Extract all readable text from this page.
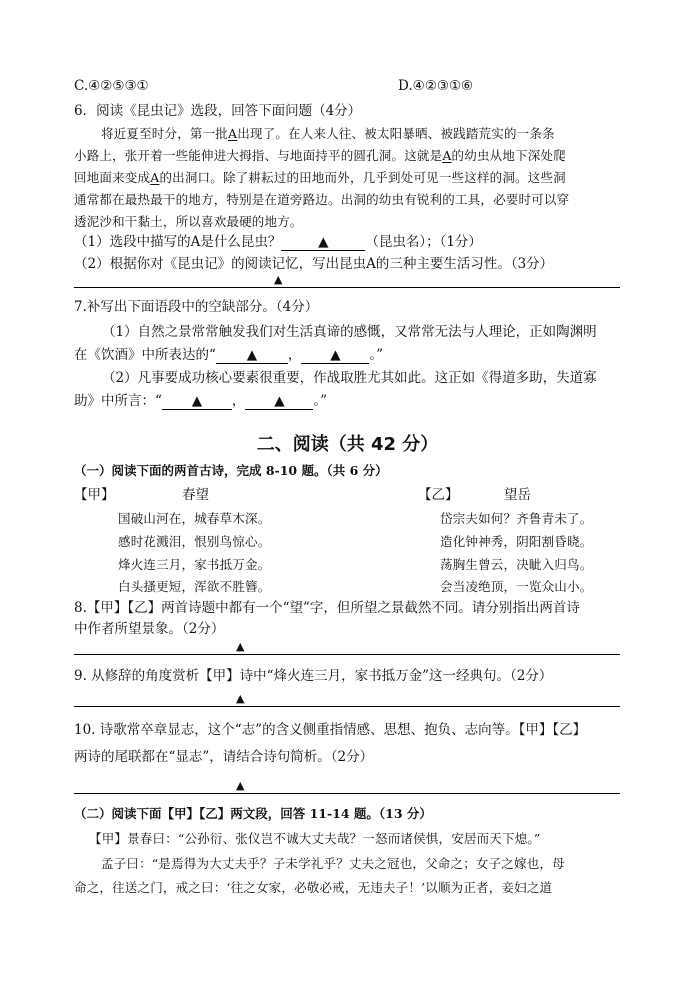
C.④②⑤③①	D.④②③①⑥
6．阅读《昆虫记》选段，回答下面问题（4分）
将近夏至时分，第一批A出现了。在人来人往、被太阳暴晒、被践踏荒实的一条条
小路上，张开着一些能伸进大拇指、与地面持平的圆孔洞。这就是A的幼虫从地下深处爬
回地面来变成A的出洞口。除了耕耘过的田地而外，几乎到处可见一些这样的洞。这些洞
通常都在最热最干的地方，特别是在道旁路边。出洞的幼虫有锐利的工具，必要时可以穿
透泥沙和干黏土，所以喜欢最硬的地方。
（1）选段中描写的A是什么昆虫？	▲	（昆虫名）；（1分）
（2）根据你对《昆虫记》的阅读记忆，写出昆虫A的三种主要生活习性。（3分）
▲
7.补写出下面语段中的空缺部分。（4分）
（1）自然之景常常触发我们对生活真谛的感慨，又常常无法与人理论，正如陶渊明
在《饮酒》中所表达的“ ▲ ， ▲ 。”
（2）凡事要成功核心要素很重要，作战取胜尤其如此。这正如《得道多助，失道寡
助》中所言：“ ▲ ， ▲ 。”
二、阅读（共 42 分）
（一）阅读下面的两首古诗，完成 8-10 题。（共 6 分）
【甲】	春望	【乙】	望岳
国破山河在，城春草木深。
感时花溅泪，恨别鸟惊心。
烽火连三月，家书抵万金。
白头搔更短，浑欲不胜簪。
岱宗夫如何？齐鲁青未了。
造化钟神秀，阴阳割昏晓。
荡胸生曾云，决眦入归鸟。
会当凌绝顶，一览众山小。
8.【甲】【乙】两首诗题中都有一个“望”字，但所望之景截然不同。请分别指出两首诗
中作者所望景象。（2分）
▲
9. 从修辞的角度赏析【甲】诗中“烽火连三月，家书抵万金”这一经典句。（2分）
▲
10. 诗歌常卒章显志，这个“志”的含义侧重指情感、思想、抱负、志向等。【甲】【乙】
两诗的尾联都在“显志”，请结合诗句简析。（2分）
▲
（二）阅读下面【甲】【乙】两文段，回答 11-14 题。（13 分）
【甲】景春曰：“公孙衍、张仪岂不诚大丈夫哉？一怒而诸侯惧，安居而天下熄。”
孟子曰：“是焉得为大丈夫乎？子未学礼乎？丈夫之冠也，父命之；女子之嫁也，母
命之，往送之门，戒之曰：‘往之女家，必敬必戒，无违夫子！’以顺为正者，妾妇之道
